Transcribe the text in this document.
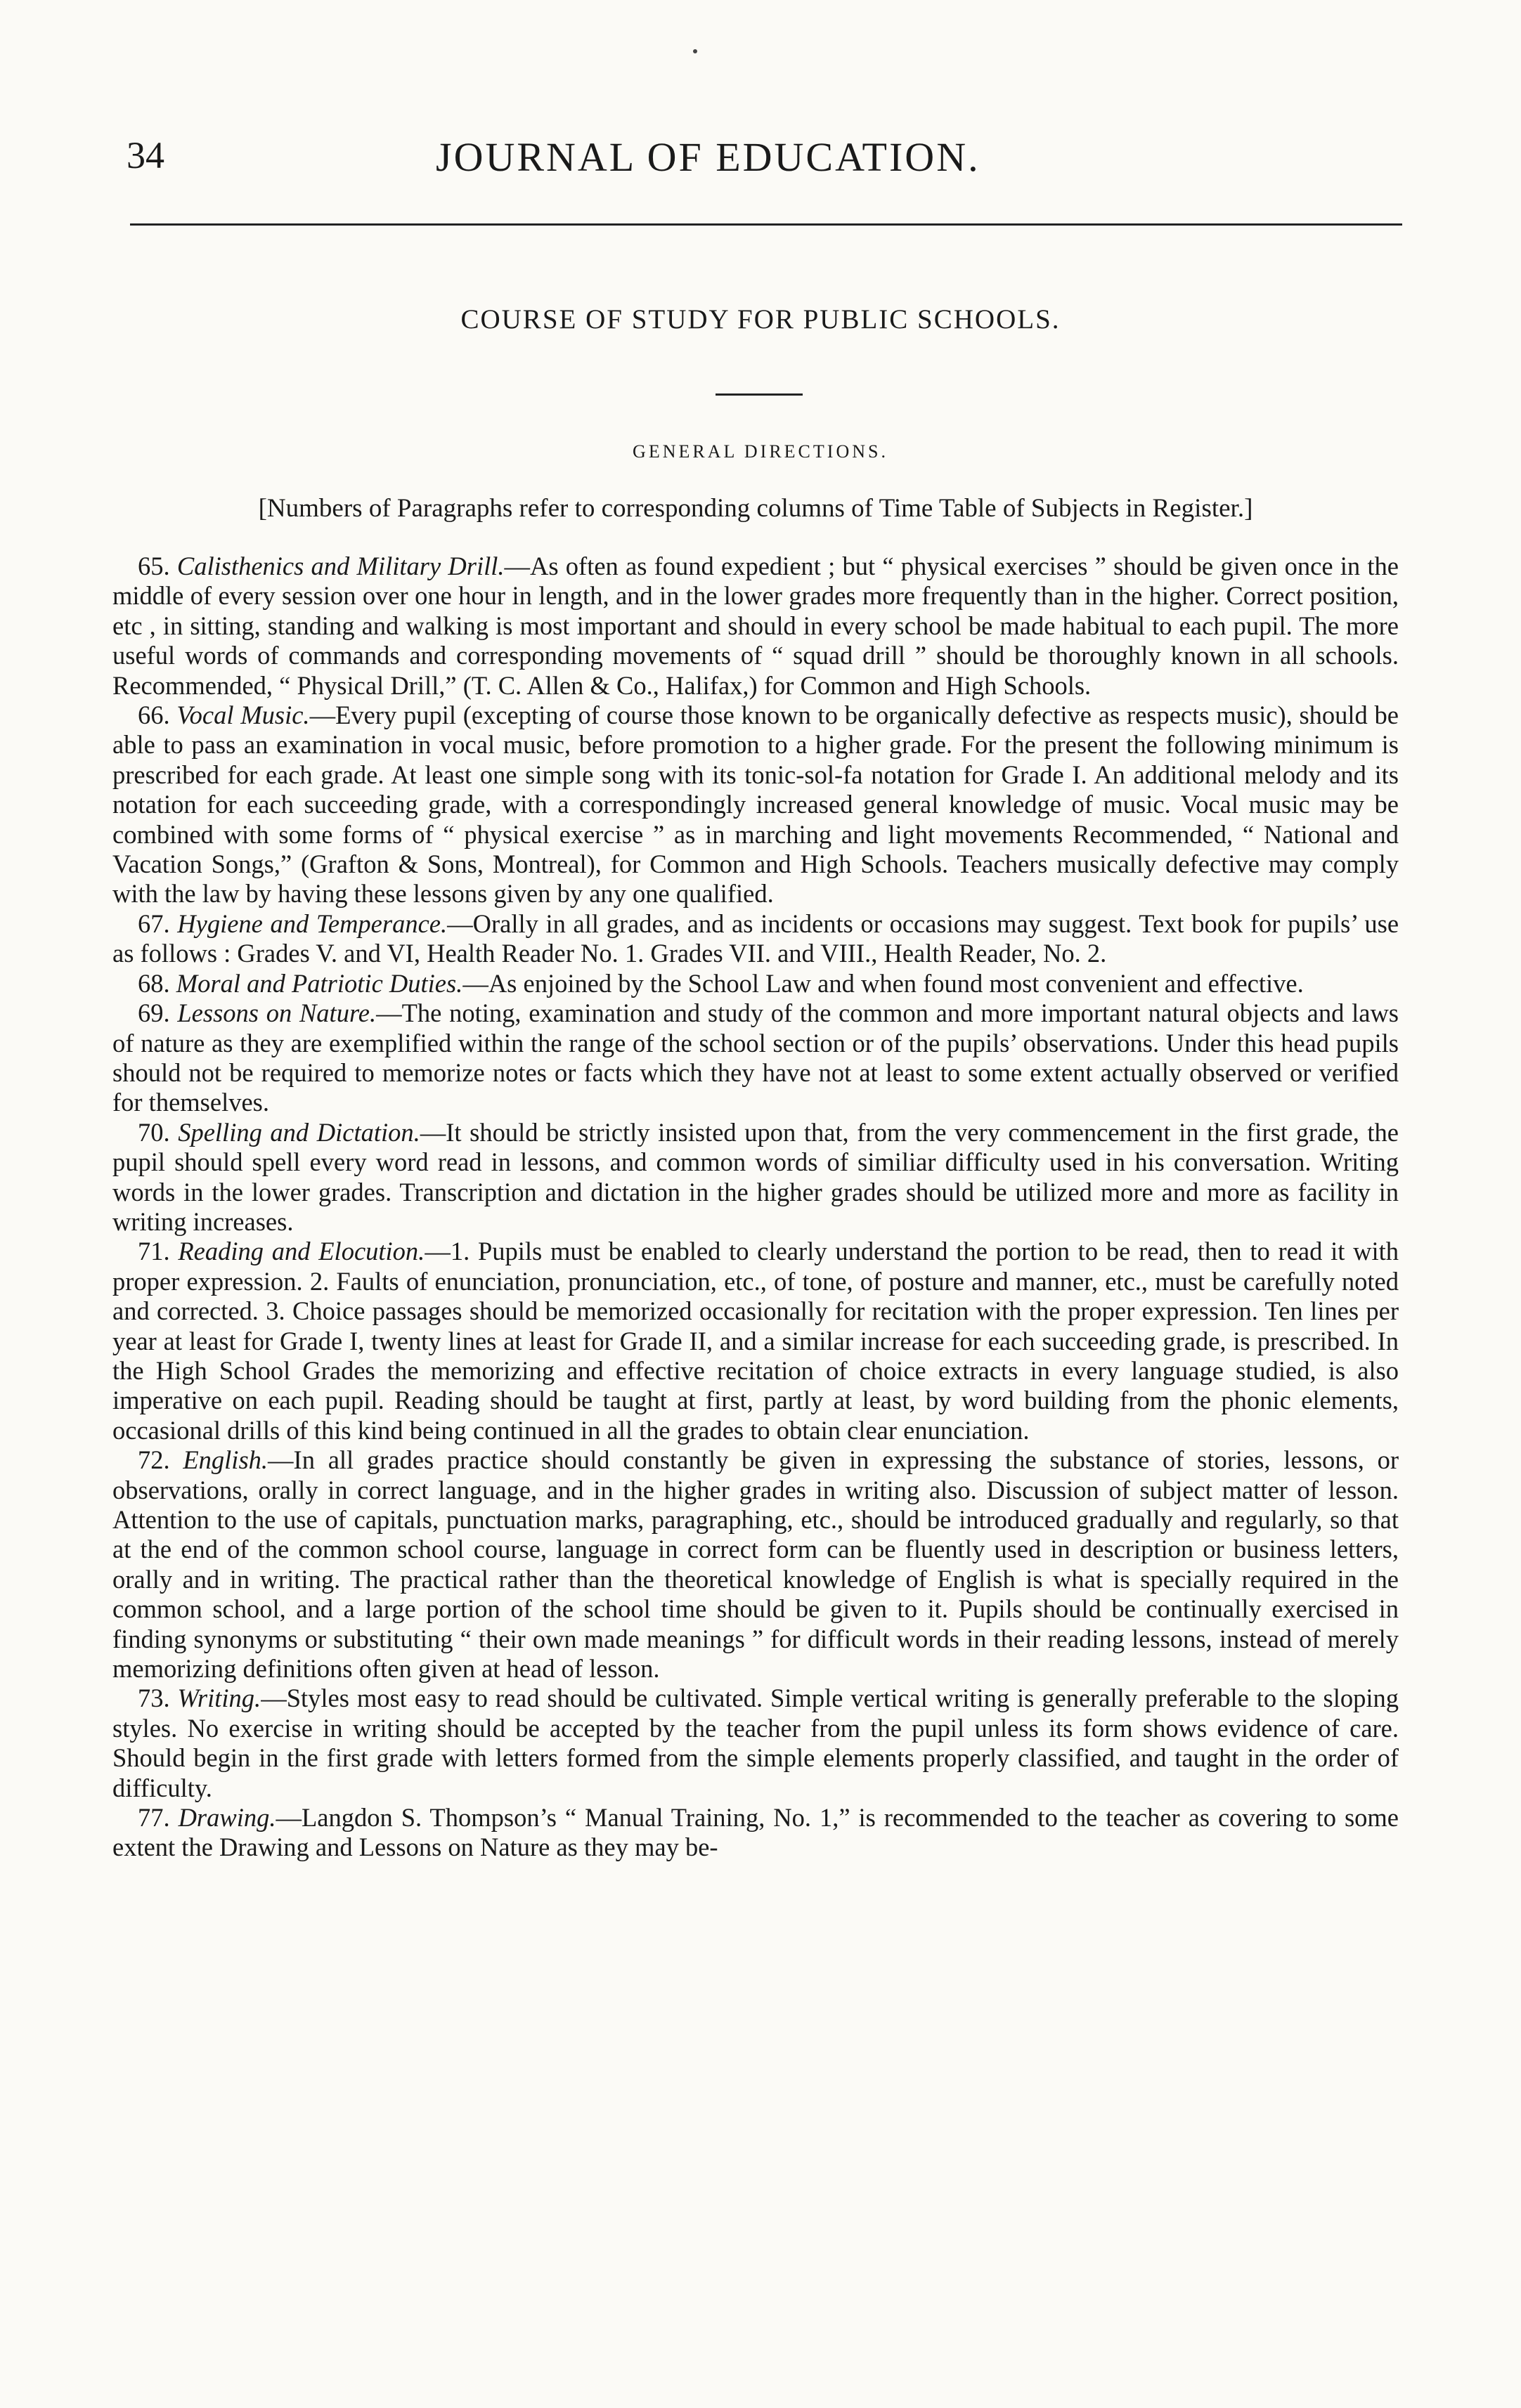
34	JOURNAL OF EDUCATION.
COURSE OF STUDY FOR PUBLIC SCHOOLS.
GENERAL DIRECTIONS.
[Numbers of Paragraphs refer to corresponding columns of Time Table of Subjects in Register.]

65. Calisthenics and Military Drill.—As often as found expedient ; but “ physical exercises ” should be given once in the middle of every session over one hour in length, and in the lower grades more frequently than in the higher. Correct position, etc , in sitting, standing and walking is most important and should in every school be made habitual to each pupil. The more useful words of commands and corresponding movements of “ squad drill ” should be thoroughly known in all schools. Recommended, “ Physical Drill,” (T. C. Allen & Co., Halifax,) for Common and High Schools.

66. Vocal Music.—Every pupil (excepting of course those known to be organically defective as respects music), should be able to pass an examination in vocal music, before promotion to a higher grade. For the present the following minimum is prescribed for each grade. At least one simple song with its tonic-sol-fa notation for Grade I. An additional melody and its notation for each succeeding grade, with a correspondingly increased general knowledge of music. Vocal music may be combined with some forms of “ physical exercise ” as in marching and light movements Recommended, “ National and Vacation Songs,” (Grafton & Sons, Montreal), for Common and High Schools. Teachers musically defective may comply with the law by having these lessons given by any one qualified.

67. Hygiene and Temperance.—Orally in all grades, and as incidents or occasions may suggest. Text book for pupils’ use as follows : Grades V. and VI, Health Reader No. 1. Grades VII. and VIII., Health Reader, No. 2.

68. Moral and Patriotic Duties.—As enjoined by the School Law and when found most convenient and effective.

69. Lessons on Nature.—The noting, examination and study of the common and more important natural objects and laws of nature as they are exemplified within the range of the school section or of the pupils’ observations. Under this head pupils should not be required to memorize notes or facts which they have not at least to some extent actually observed or verified for themselves.

70. Spelling and Dictation.—It should be strictly insisted upon that, from the very commencement in the first grade, the pupil should spell every word read in lessons, and common words of similiar difficulty used in his conversation. Writing words in the lower grades. Transcription and dictation in the higher grades should be utilized more and more as facility in writing increases.

71. Reading and Elocution.—1. Pupils must be enabled to clearly understand the portion to be read, then to read it with proper expression. 2. Faults of enunciation, pronunciation, etc., of tone, of posture and manner, etc., must be carefully noted and corrected. 3. Choice passages should be memorized occasionally for recitation with the proper expression. Ten lines per year at least for Grade I, twenty lines at least for Grade II, and a similar increase for each succeeding grade, is prescribed. In the High School Grades the memorizing and effective recitation of choice extracts in every language studied, is also imperative on each pupil. Reading should be taught at first, partly at least, by word building from the phonic elements, occasional drills of this kind being continued in all the grades to obtain clear enunciation.

72. English.—In all grades practice should constantly be given in expressing the substance of stories, lessons, or observations, orally in correct language, and in the higher grades in writing also. Discussion of subject matter of lesson. Attention to the use of capitals, punctuation marks, paragraphing, etc., should be introduced gradually and regularly, so that at the end of the common school course, language in correct form can be fluently used in description or business letters, orally and in writing. The practical rather than the theoretical knowledge of English is what is specially required in the common school, and a large portion of the school time should be given to it. Pupils should be continually exercised in finding synonyms or substituting “ their own made meanings ” for difficult words in their reading lessons, instead of merely memorizing definitions often given at head of lesson.

73. Writing.—Styles most easy to read should be cultivated. Simple vertical writing is generally preferable to the sloping styles. No exercise in writing should be accepted by the teacher from the pupil unless its form shows evidence of care. Should begin in the first grade with letters formed from the simple elements properly classified, and taught in the order of difficulty.

77. Drawing.—Langdon S. Thompson’s “ Manual Training, No. 1,” is recommended to the teacher as covering to some extent the Drawing and Lessons on Nature as they may be-
